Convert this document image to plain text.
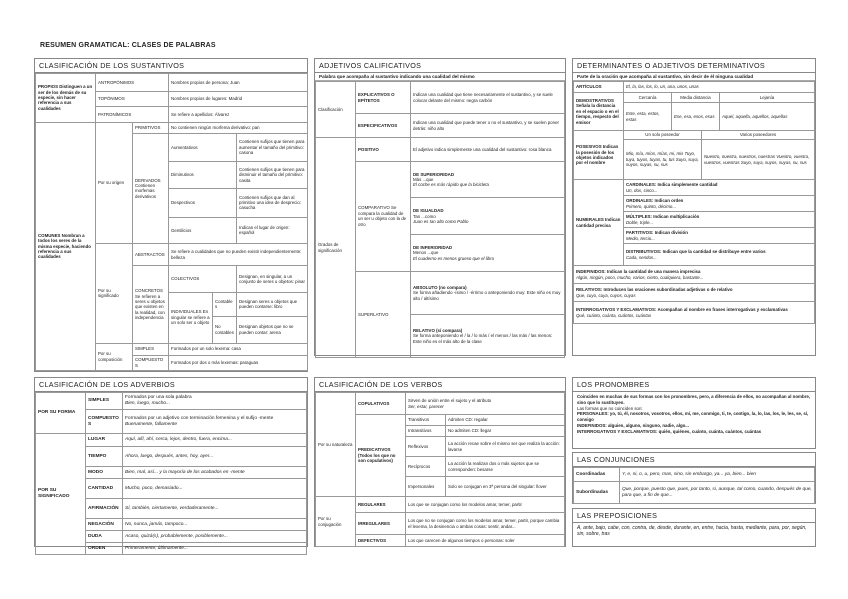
RESUMEN GRAMATICAL: CLASES DE PALABRAS
CLASIFICACIÓN DE LOS SUSTANTIVOS
PROPIOS Distinguen a un ser de los demás de su especie, sin hacer referencia a sus cualidades	ANTROPÓNIMOS		Nombres propios de persona: Juan		
	TOPÓNIMOS		Nombres propios de lugares: Madrid		
	PATRONÍMICOS		Se refiere a apellidos: Álvarez		
COMUNES Nombran a todos los seres de la misma especie, haciendo referencia a sus cualidades	Por su origen	PRIMITIVOS	No contienen ningún morfema derivativo: pan		
		DERIVADOS Contienen morfemas derivativos	Aumentativos		Contienen sufijos que tienen para aumentar el tamaño del primitivo: casona
			Diminutivos		Contienen sufijos que tienen para disminuir el tamaño del primitivo: casita
			Despectivos		Contienen sufijos que dan al primitivo una idea de desprecio: casucha
			Gentilicios		Indican el lugar de origen: español
	Por su significado	ABSTRACTOS	Se refiere a cualidades que no pueden existir independientemente: belleza		
		CONCRETOS Se refieren a seres u objetos que existen en la realidad, con independencia	COLECTIVOS		Designan, en singular, a un conjunto de seres u objetos: pinar
			INDIVIDUALES En singular se refiere a un solo ser u objeto	Contables	Designan seres u objetos que pueden contarse: libro
				No contables	Designan objetos que no se pueden contar: arena

	Por su composición	SIMPLES	Formados por un solo lexema: casa		
		COMPUESTOS	Formados por dos o más lexemas: paraguas		
ADJETIVOS CALIFICATIVOS
Palabra que acompaña al sustantivo indicando una cualidad del mismo
Clasificación	EXPLICATIVOS O EPÍTETOS	Indican una cualidad que tiene necesariamente el sustantivo, y se suele colocar delante del mismo: negra carbón
	ESPECIFICATIVOS	Indican una cualidad que puede tener o no el sustantivo, y se suelen poner detrás: niño alto
Grados de significación	POSITIVO	El adjetivo indica simplemente una cualidad del sustantivo: rosa blanca
	COMPARATIVO Se compara la cualidad de un ser u objeto con la de otro	DE SUPERIORIDAD
Más ...que
El coche es más rápido que la bicicleta

		DE IGUALDAD
Tan ...como
Juan es tan alto como Pablo

		DE INFERIORIDAD
Menos ...que
El cuaderno es menos grueso que el libro

	SUPERLATIVO	ABSOLUTO (no compara)
Se forma añadiendo -ísimo / -érrimo o anteponiendo muy: Este niño es muy alto / altísimo

		RELATIVO (sí compara)
Se forma anteponiendo el / la / lo más / el menos / las más / las menos: Este niño es el más alto de la clase
DETERMINANTES O ADJETIVOS DETERMINATIVOS
Parte de la oración que acompaña al sustantivo, sin decir de él ninguna cualidad
ARTÍCULOS	El, la, las, los, lo, un, una, unos, unas			
DEMOSTRATIVOS Señala la distancia en el espacio o en el tiempo, respecto del emisor	Cercanía	Media distancia		Lejanía
	Este, esta, estos, estas	Ese, esa, esos, esas		Aquel, aquella, aquellos, aquellas
POSESIVOS Indican la posesión de los objetos indicados por el nombre	Un solo poseedor		Varios poseedores	
	Mío, mía, míos, mías, mi, mis Tuyo, tuya, tuyos, tuyas, tu, tus Suyo, suya, suyos, suyas, su, sus		Nuestro, nuestra, nuestros, nuestras Vuestro, vuestra, vuestros, vuestras Suyo, suya, suyos, suyas, su, sus	
NUMERALES Indican cantidad precisa	CARDINALES: Indica simplemente cantidad
Un, dos, cinco...			

	ORDINALES: Indican orden
Primero, quinto, décimo...			

	MÚLTIPLES: Indican multiplicación
Doble, triple...			

	PARTITIVOS: Indican división
Medio, tercio...			

	DISTRIBUTIVOS: Indican que la cantidad se distribuye entre varios
Cada, sendos...			

INDEFINIDOS: Indican la cantidad de una manera imprecisa
Algún, ningún, poco, mucho, varios, cierto, cualquiera, bastante...				

RELATIVOS: Introducen las oraciones subordinadas adjetivas o de relativo
Que, cuyo, cuya, cuyos, cuyas				

INTERROGATIVOS Y EXCLAMATIVOS: Acompañan al nombre en frases interrogativas y exclamativas
Qué, cuánto, cuánta, cuántos, cuántas				
CLASIFICACIÓN DE LOS ADVERBIOS
POR SU FORMA	SIMPLES	Formados por una sola palabra
Bien, luego, mucho...

	COMPUESTOS	Formados por un adjetivo con terminación femenina y el sufijo -mente
Buenamente, fallamente

POR SU SIGNIFICADO	LUGAR	Aquí, allí, ahí, cerca, lejos, dentro, fuera, encima...
	TIEMPO	Ahora, luego, después, antes, hoy, ayer...
	MODO	Bien, mal, así... y la mayoría de los acabados en -mente
	CANTIDAD	Mucho, poco, demasiado...
	AFIRMACIÓN	Sí, también, ciertamente, verdaderamente...
	NEGACIÓN	No, nunca, jamás, tampoco...
	DUDA	Acaso, quizá(s), probablemente, posiblemente...
	ORDEN	Primeramente, últimamente...
CLASIFICACIÓN DE LOS VERBOS
Por su naturaleza	COPULATIVOS	Sirven de unión entre el sujeto y el atributo
Ser, estar, parecer	

	PREDICATIVOS (Todos los que no son copulativos)	Transitivos	Admiten CD: regalar
		Intransitivos	No admiten CD: llegar
		Reflexivos	La acción recae sobre el mismo ser que realiza la acción: lavarse
		Recíprocos	La acción la realizan dos o más sujetos que se corresponden: besarse
		Impersonales	Solo se conjugan en 3ª persona del singular: llover
Por su conjugación	REGULARES	Los que se conjugan como los modelos amar, temer, partir	
	IRREGULARES	Los que no se conjugan como los modelos amar, temer, partir, porque cambia el lexema, la desinencia o ambas cosas: sentir, andar...	
	DEFECTIVOS	Los que carecen de algunos tiempos o personas: soler	
LOS PRONOMBRES
Coinciden en muchas de sus formas con los pronombres, pero, a diferencia de ellos, no acompañan al nombre, sino que lo sustituyen.
Las formas que no coinciden son:
PERSONALES: yo, tú, él, nosotros, vosotros, ellos, mí, me, conmigo, ti, te, contigo, la, lo, las, los, le, les, se, sí, consigo
INDEFINIDOS: alguien, alguno, ninguno, nadie, algo...
INTERROGATIVOS Y EXCLAMATIVOS: quién, quiénes, cuánto, cuánta, cuántos, cuántas
LAS CONJUNCIONES
Coordinadas	Y, e, ni, o, u, pero, mas, sino, sin embargo, ya... ya, bien... bien
Subordinadas	Que, porque, puesto que, pues, por tanto, si, aunque, tal como, cuando, después de que, para que, a fin de que...
LAS PREPOSICIONES
A, ante, bajo, cabe, con, contra, de, desde, durante, en, entre, hacia, hasta, mediante, para, por, según, sin, sobre, tras
